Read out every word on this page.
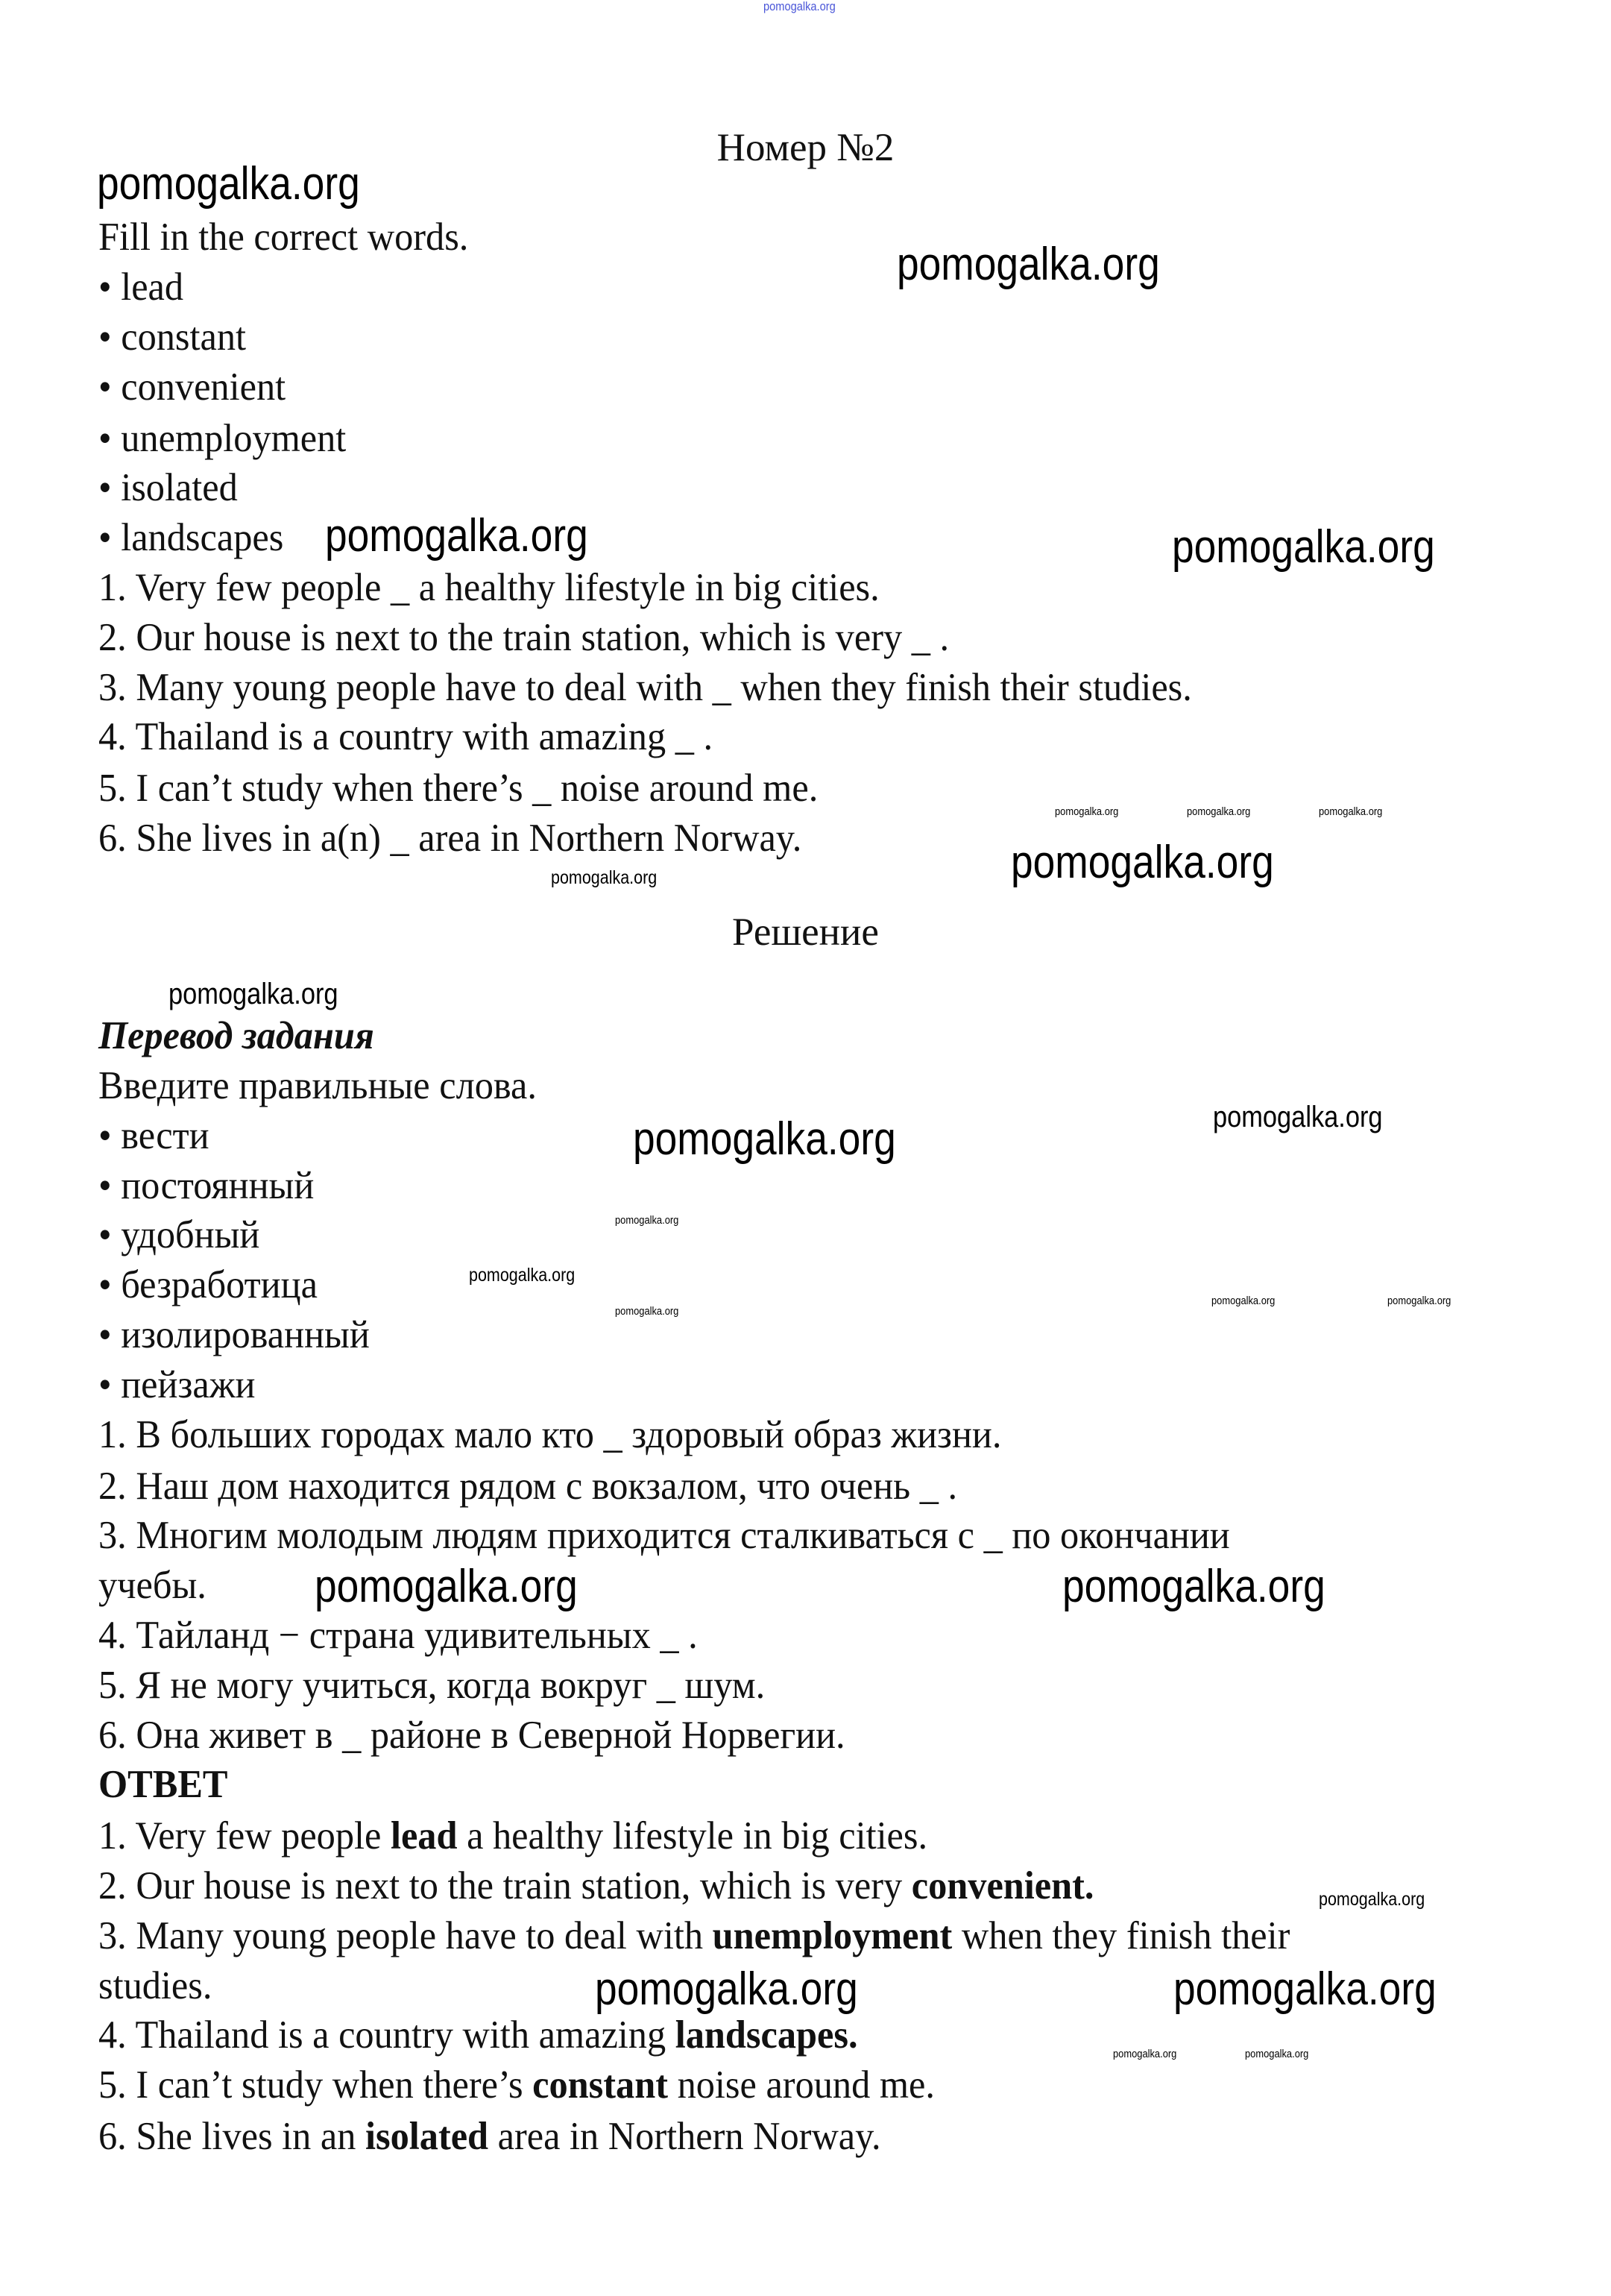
Номер №2
Fill in the correct words.
• lead
• constant
• convenient
• unemployment
• isolated
• landscapes
1. Very few people _ a healthy lifestyle in big cities.
2. Our house is next to the train station, which is very _ .
3. Many young people have to deal with _ when they finish their studies.
4. Thailand is a country with amazing _ .
5. I can’t study when there’s _ noise around me.
6. She lives in a(n) _ area in Northern Norway.
Решение
Перевод задания
Введите правильные слова.
• вести
• постоянный
• удобный
• безработица
• изолированный
• пейзажи
1. В больших городах мало кто _ здоровый образ жизни.
2. Наш дом находится рядом с вокзалом, что очень _ .
3. Многим молодым людям приходится сталкиваться с _ по окончании
учебы.
4. Тайланд − страна удивительных _ .
5. Я не могу учиться, когда вокруг _ шум.
6. Она живет в _ районе в Северной Норвегии.
ОТВЕТ
1. Very few people lead a healthy lifestyle in big cities.
2. Our house is next to the train station, which is very convenient.
3. Many young people have to deal with unemployment when they finish their
studies.
4. Thailand is a country with amazing landscapes.
5. I can’t study when there’s constant noise around me.
6. She lives in an isolated area in Northern Norway.
pomogalka.org
pomogalka.org
pomogalka.org
pomogalka.org	pomogalka.org
pomogalka.org
pomogalka.org
pomogalka.org	pomogalka.org
pomogalka.org	pomogalka.org
pomogalka.org
pomogalka.org
pomogalka.org
pomogalka.org
pomogalka.org
pomogalka.org	pomogalka.org	pomogalka.org
pomogalka.org
pomogalka.org
pomogalka.org	pomogalka.org
pomogalka.org	pomogalka.org
